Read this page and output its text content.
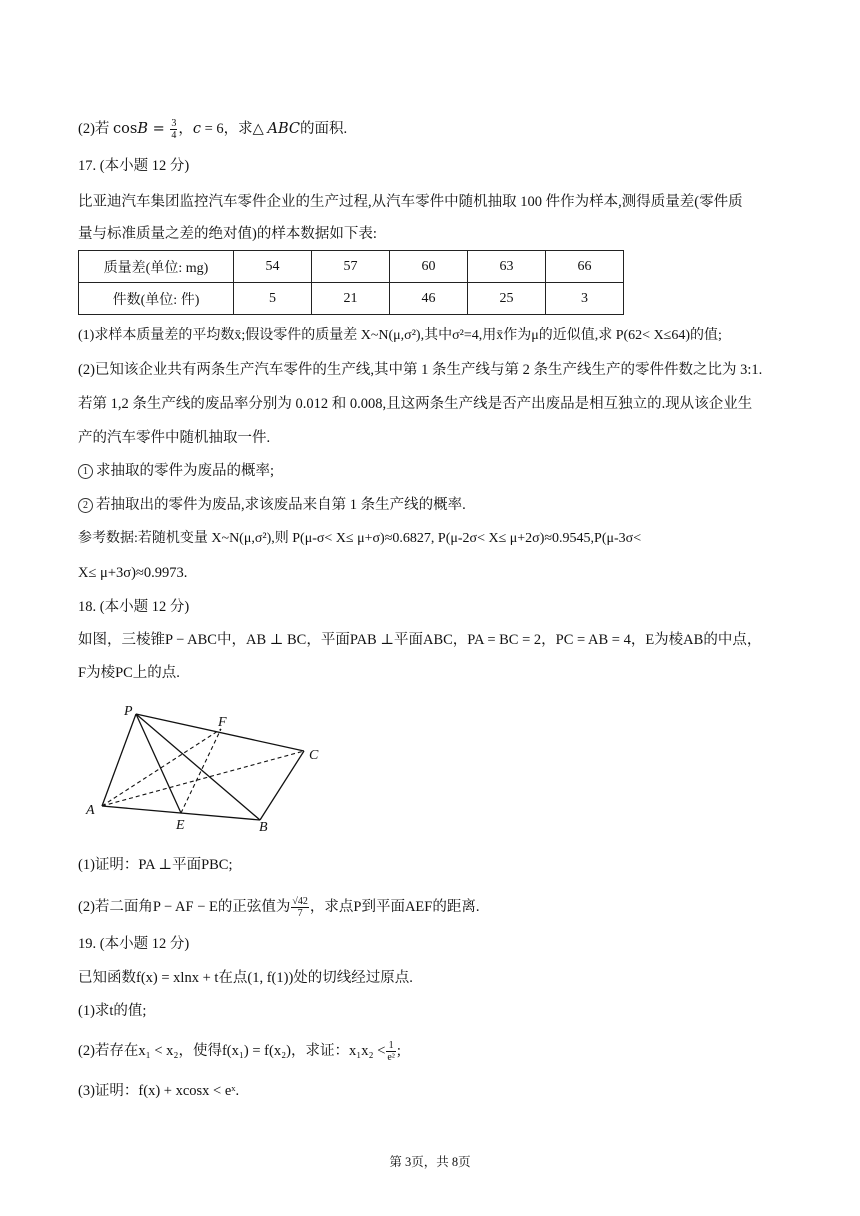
(2)若 $\cos B = \frac{3}{4}$ ，c = 6，求△ ABC的面积.
17. (本小题 12 分)
比亚迪汽车集团监控汽车零件企业的生产过程,从汽车零件中随机抽取 100 件作为样本,测得质量差(零件质
量与标准质量之差的绝对值)的样本数据如下表:
质量差(单位: mg)	54	57	60	63	66
件数(单位: 件)	5	21	46	25	3
(1)求样本质量差的平均数x̄;假设零件的质量差 X~N(μ,σ²),其中σ²=4,用x̄作为μ的近似值,求 P(62< X≤64)的值;
(2)已知该企业共有两条生产汽车零件的生产线,其中第 1 条生产线与第 2 条生产线生产的零件件数之比为 3:1.
若第 1,2 条生产线的废品率分别为 0.012 和 0.008,且这两条生产线是否产出废品是相互独立的.现从该企业生
产的汽车零件中随机抽取一件.
1 求抽取的零件为废品的概率;
2 若抽取出的零件为废品,求该废品来自第 1 条生产线的概率.
参考数据:若随机变量 X~N(μ,σ²),则 P(μ-σ< X≤ μ+σ)≈0.6827, P(μ-2σ< X≤ μ+2σ)≈0.9545,P(μ-3σ<
X≤ μ+3σ)≈0.9973.
18. (本小题 12 分)
如图，三棱锥P − ABC中，AB ⊥ BC，平面PAB ⊥平面ABC，PA = BC = 2，PC = AB = 4，E为棱AB的中点，
F为棱PC上的点.
P
F
C
A
E	B
(1)证明：PA ⊥平面PBC;
(2)若二面角P − AF − E的正弦值为 $\frac{√42}{7}$ ，求点P到平面AEF的距离.
19. (本小题 12 分)
已知函数f(x) = xlnx + t在点(1, f(1))处的切线经过原点.
(1)求t的值;
(2)若存在x₁ < x₂，使得f(x₁) = f(x₂)，求证：$x_1x_2 < \frac{1}{\text{e²}}$ ;
(3)证明：f(x) + xcosx < eˣ.
第 3页，共 8页
